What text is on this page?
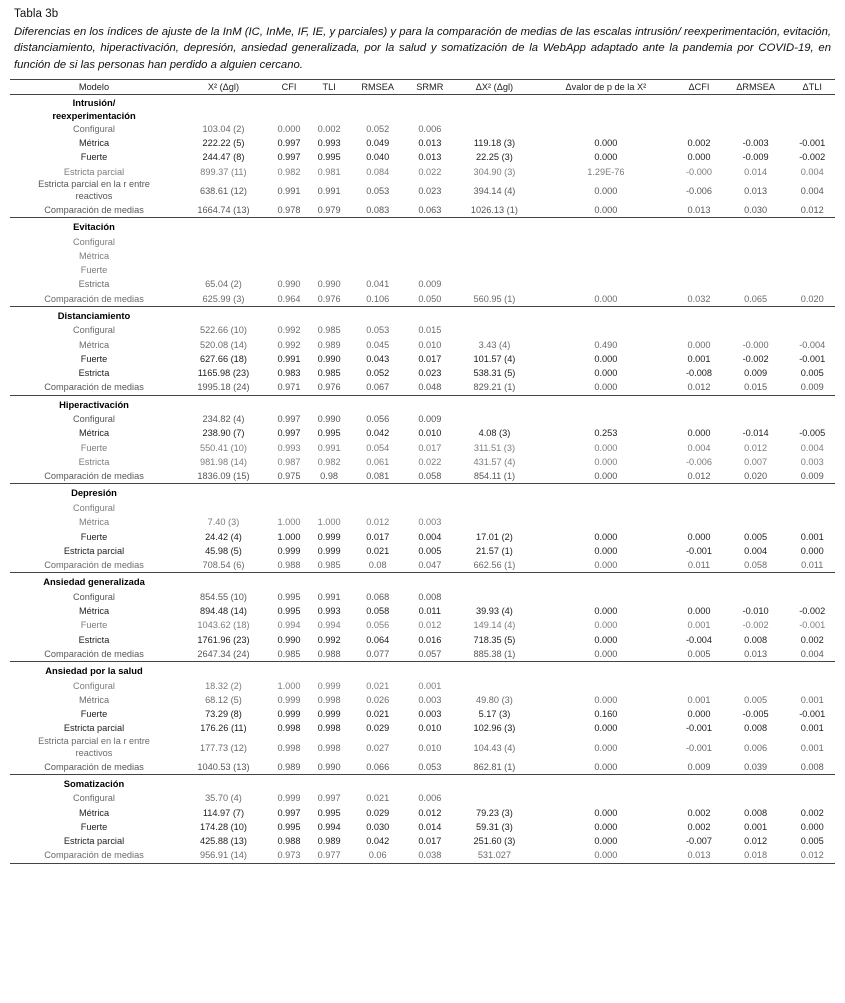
Tabla 3b
Diferencias en los índices de ajuste de la InM (IC, InMe, IF, IE, y parciales) y para la comparación de medias de las escalas intrusión/ reexperimentación, evitación, distanciamiento, hiperactivación, depresión, ansiedad generalizada, por la salud y somatización de la WebApp adaptado ante la pandemia por COVID-19, en función de si las personas han perdido a alguien cercano.
Modelo	X² (Δgl)	CFI	TLI	RMSEA	SRMR	ΔX² (Δgl)	Δvalor de p de la X²	ΔCFI	ΔRMSEA	ΔTLI

Intrusión/
reexperimentación										

Configural	103.04 (2)	0.000	0.002	0.052	0.006					
Métrica	222.22 (5)	0.997	0.993	0.049	0.013	119.18 (3)	0.000	0.002	-0.003	-0.001
Fuerte	244.47 (8)	0.997	0.995	0.040	0.013	22.25 (3)	0.000	0.000	-0.009	-0.002
Estricta parcial	899.37 (11)	0.982	0.981	0.084	0.022	304.90 (3)	1.29E-76	-0.000	0.014	0.004

Estricta parcial en la r entre
reactivos	638.61 (12)	0.991	0.991	0.053	0.023	394.14 (4)	0.000	-0.006	0.013	0.004
Comparación de medias	1664.74 (13)	0.978	0.979	0.083	0.063	1026.13 (1)	0.000	0.013	0.030	0.012
Evitación										
Configural										
Métrica										
Fuerte										
Estricta	65.04 (2)	0.990	0.990	0.041	0.009					
Comparación de medias	625.99 (3)	0.964	0.976	0.106	0.050	560.95 (1)	0.000	0.032	0.065	0.020
Distanciamiento										
Configural	522.66 (10)	0.992	0.985	0.053	0.015					
Métrica	520.08 (14)	0.992	0.989	0.045	0.010	3.43 (4)	0.490	0.000	-0.000	-0.004
Fuerte	627.66 (18)	0.991	0.990	0.043	0.017	101.57 (4)	0.000	0.001	-0.002	-0.001
Estricta	1165.98 (23)	0.983	0.985	0.052	0.023	538.31 (5)	0.000	-0.008	0.009	0.005
Comparación de medias	1995.18 (24)	0.971	0.976	0.067	0.048	829.21 (1)	0.000	0.012	0.015	0.009
Hiperactivación										
Configural	234.82 (4)	0.997	0.990	0.056	0.009					
Métrica	238.90 (7)	0.997	0.995	0.042	0.010	4.08 (3)	0.253	0.000	-0.014	-0.005
Fuerte	550.41 (10)	0.993	0.991	0.054	0.017	311.51 (3)	0.000	0.004	0.012	0.004
Estricta	981.98 (14)	0.987	0.982	0.061	0.022	431.57 (4)	0.000	-0.006	0.007	0.003
Comparación de medias	1836.09 (15)	0.975	0.98	0.081	0.058	854.11 (1)	0.000	0.012	0.020	0.009
Depresión										
Configural										
Métrica	7.40 (3)	1.000	1.000	0.012	0.003					
Fuerte	24.42 (4)	1.000	0.999	0.017	0.004	17.01 (2)	0.000	0.000	0.005	0.001
Estricta parcial	45.98 (5)	0.999	0.999	0.021	0.005	21.57 (1)	0.000	-0.001	0.004	0.000
Comparación de medias	708.54 (6)	0.988	0.985	0.08	0.047	662.56 (1)	0.000	0.011	0.058	0.011
Ansiedad generalizada										
Configural	854.55 (10)	0.995	0.991	0.068	0.008					
Métrica	894.48 (14)	0.995	0.993	0.058	0.011	39.93 (4)	0.000	0.000	-0.010	-0.002
Fuerte	1043.62 (18)	0.994	0.994	0.056	0.012	149.14 (4)	0.000	0.001	-0.002	-0.001
Estricta	1761.96 (23)	0.990	0.992	0.064	0.016	718.35 (5)	0.000	-0.004	0.008	0.002
Comparación de medias	2647.34 (24)	0.985	0.988	0.077	0.057	885.38 (1)	0.000	0.005	0.013	0.004
Ansiedad por la salud										
Configural	18.32 (2)	1.000	0.999	0.021	0.001					
Métrica	68.12 (5)	0.999	0.998	0.026	0.003	49.80 (3)	0.000	0.001	0.005	0.001
Fuerte	73.29 (8)	0.999	0.999	0.021	0.003	5.17 (3)	0.160	0.000	-0.005	-0.001
Estricta parcial	176.26 (11)	0.998	0.998	0.029	0.010	102.96 (3)	0.000	-0.001	0.008	0.001

Estricta parcial en la r entre
reactivos	177.73 (12)	0.998	0.998	0.027	0.010	104.43 (4)	0.000	-0.001	0.006	0.001
Comparación de medias	1040.53 (13)	0.989	0.990	0.066	0.053	862.81 (1)	0.000	0.009	0.039	0.008
Somatización										
Configural	35.70 (4)	0.999	0.997	0.021	0.006					
Métrica	114.97 (7)	0.997	0.995	0.029	0.012	79.23 (3)	0.000	0.002	0.008	0.002
Fuerte	174.28 (10)	0.995	0.994	0.030	0.014	59.31 (3)	0.000	0.002	0.001	0.000
Estricta parcial	425.88 (13)	0.988	0.989	0.042	0.017	251.60 (3)	0.000	-0.007	0.012	0.005
Comparación de medias	956.91 (14)	0.973	0.977	0.06	0.038	531.027	0.000	0.013	0.018	0.012
